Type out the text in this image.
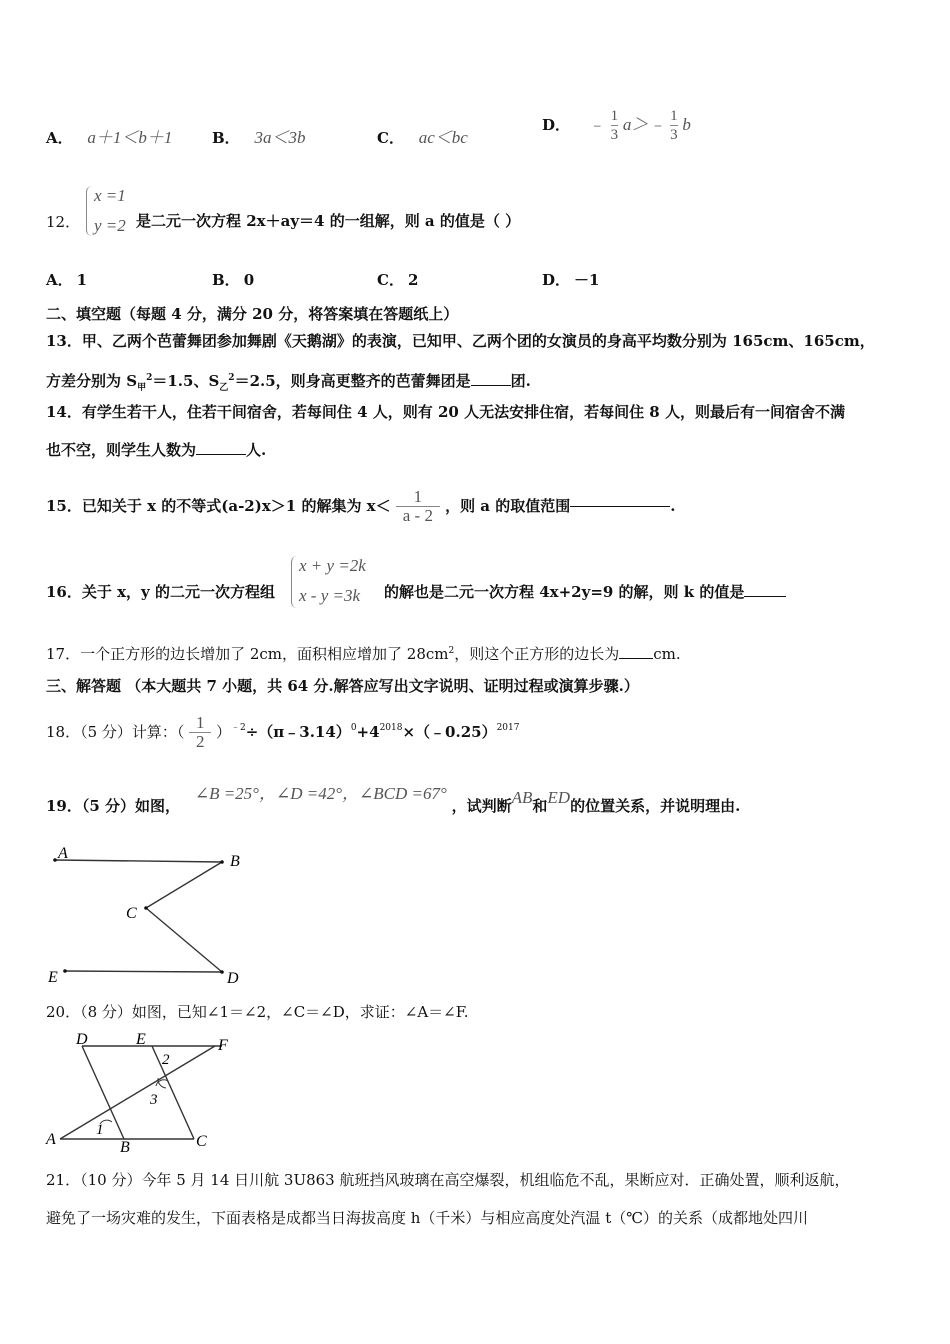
A． a＋1＜b＋1	B． 3a＜3b	C． ac＜bc
D． ﹣ $\frac{1}{3}$ a＞﹣ $\frac{1}{3}$ b
12．
x =1
y =2 是二元一次方程 2x＋ay＝4 的一组解，则 a 的值是（ ）
A． 1	B． 0	C． 2	D． －1
二、填空题（每题 4 分，满分 20 分，将答案填在答题纸上）
13．甲、乙两个芭蕾舞团参加舞剧《天鹅湖》的表演，已知甲、乙两个团的女演员的身高平均数分别为 165cm、165cm，
方差分别为 $S_甲^2=1.5$、$S_乙^2=2.5$，则身高更整齐的芭蕾舞团是	团.
14．有学生若干人，住若干间宿舍，若每间住 4 人，则有 20 人无法安排住宿，若每间住 8 人，则最后有一间宿舍不满
也不空，则学生人数为	人.
15．已知关于 x 的不等式(a-2)x＞1 的解集为 $x< \frac{1}{a - 2}$ ，则 a 的取值范围	.
16．关于 x，y 的二元一次方程组
x + y =2k
x - y =3k 的解也是二元一次方程 4x+2y=9 的解，则 k 的值是
17．一个正方形的边长增加了 2cm，面积相应增加了 $28cm^2$，则这个正方形的边长为 cm.
三、解答题 （本大题共 7 小题，共 64 分.解答应写出文字说明、证明过程或演算步骤.）
18．（5 分）计算：（ $\frac{1}{2}$ ）$^{﹣2}\div(\pi﹣3.14)^0+4^{2018}\times(﹣0.25)^{2017}$
19．（5 分）如图， ∠B =25°，∠D =42°，∠BCD =67° ，试判断AB和ED的位置关系，并说明理由.
A	B
C
E	D
20．（8 分）如图，已知∠1＝∠2，∠C＝∠D，求证：∠A＝∠F.
D	E	F
A	B	C
1
2
3
21．（10 分）今年 5 月 14 日川航 3U863 航班挡风玻璃在高空爆裂，机组临危不乱，果断应对．正确处置，顺利返航，
避免了一场灾难的发生，下面表格是成都当日海拔高度 h（千米）与相应高度处汽温 t（℃）的关系（成都地处四川
